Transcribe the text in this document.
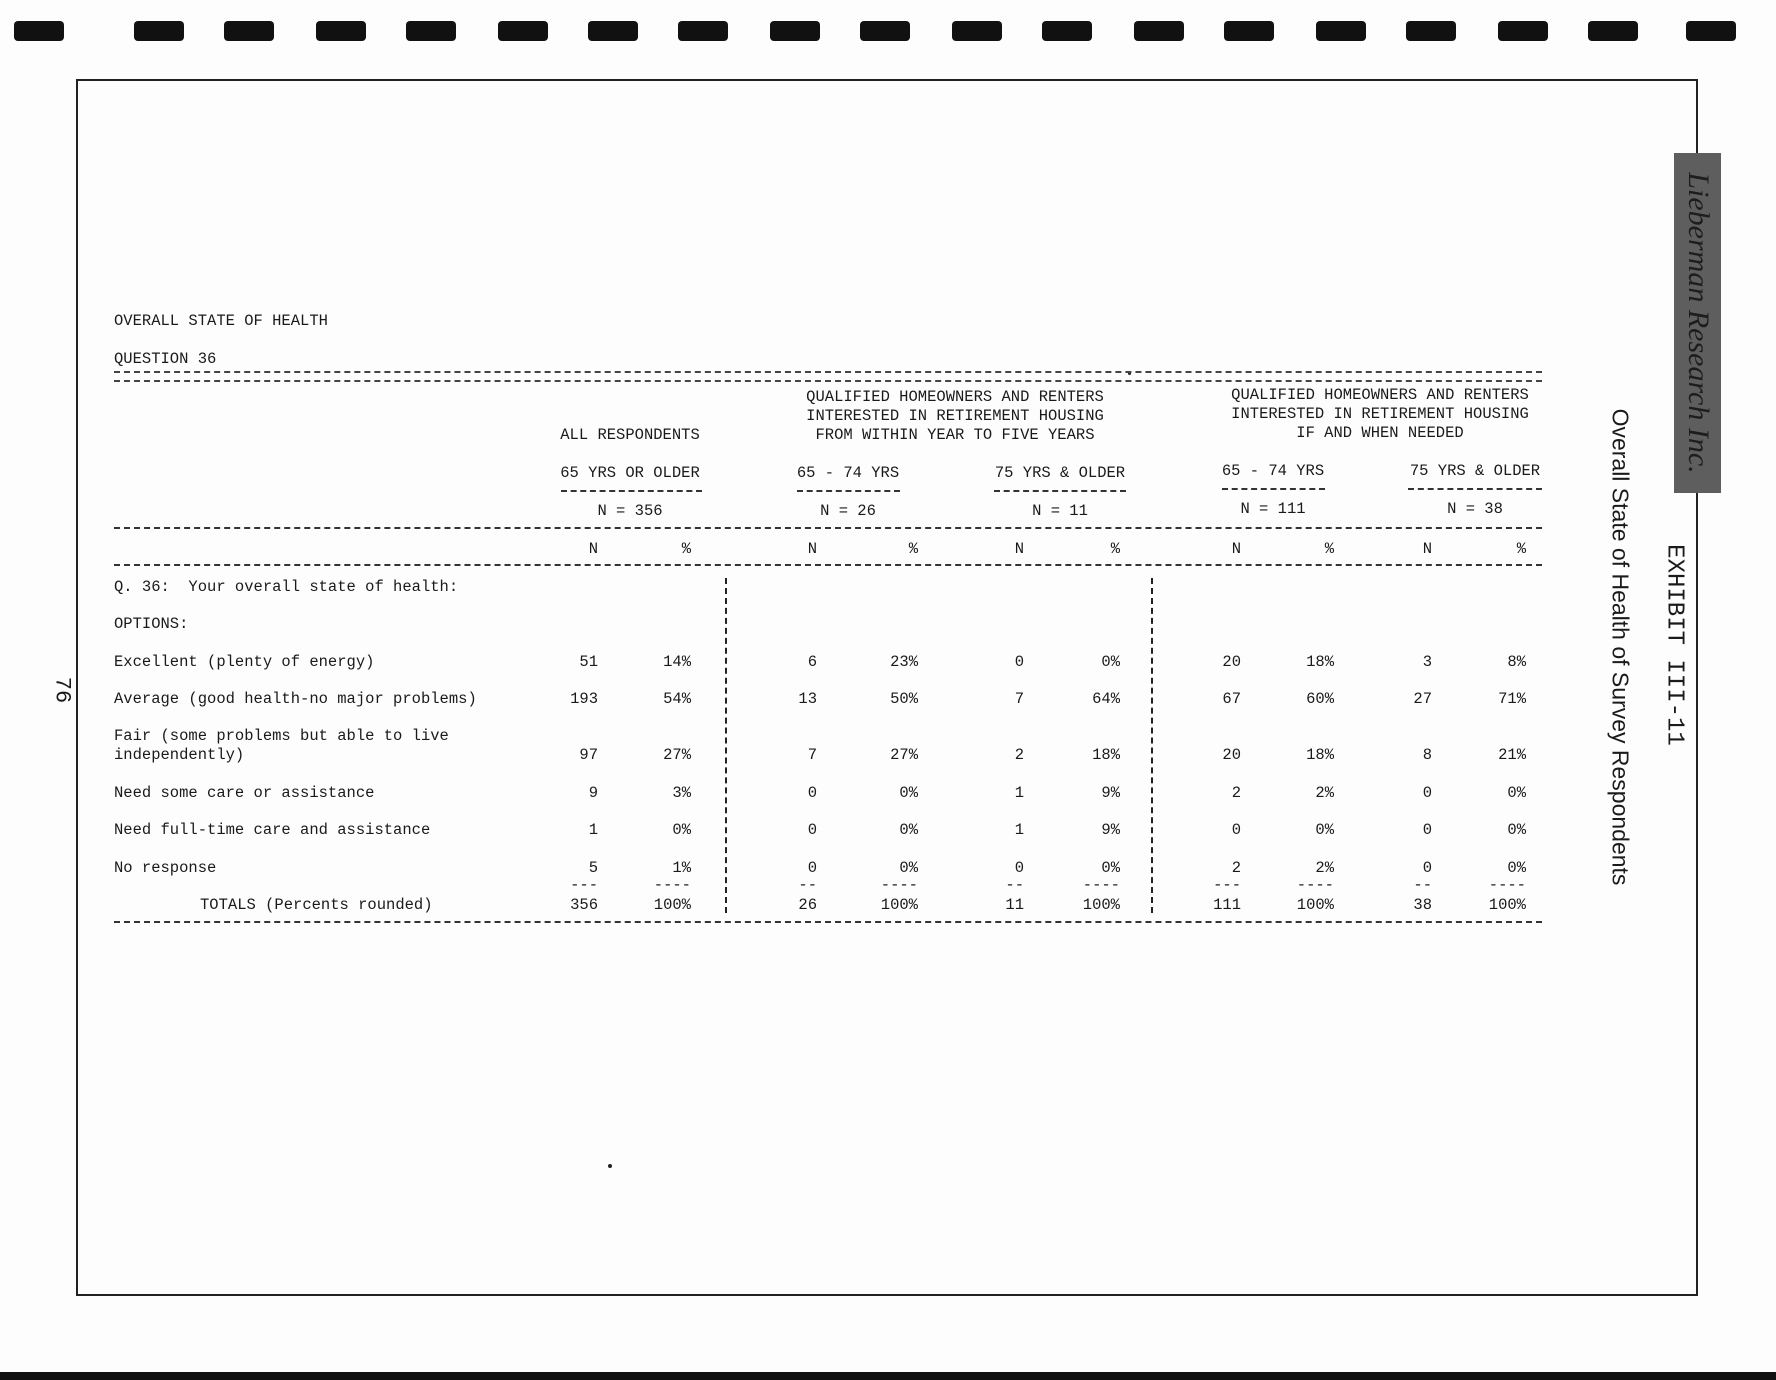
Lieberman Research Inc.
EXHIBIT III-11
Overall State of Health of Survey Respondents
76
OVERALL STATE OF HEALTH
QUESTION 36
ALL RESPONDENTS
QUALIFIED HOMEOWNERS AND RENTERS
INTERESTED IN RETIREMENT HOUSING
FROM WITHIN YEAR TO FIVE YEARS
QUALIFIED HOMEOWNERS AND RENTERS
INTERESTED IN RETIREMENT HOUSING
IF AND WHEN NEEDED
65 YRS OR OLDER	65 - 74 YRS	75 YRS & OLDER	65 - 74 YRS	75 YRS & OLDER
N = 356	N = 26	N = 11	N = 111	N = 38
N	%	N	%	N	%	N	%	N	%
Q. 36:  Your overall state of health:
OPTIONS:
Excellent (plenty of energy)	51	14%	6	23%	0	0%	20	18%	3	8%
Average (good health-no major problems)	193	54%	13	50%	7	64%	67	60%	27	71%
Fair (some problems but able to live
independently)	97	27%	7	27%	2	18%	20	18%	8	21%
Need some care or assistance	9	3%	0	0%	1	9%	2	2%	0	0%
Need full-time care and assistance	1	0%	0	0%	1	9%	0	0%	0	0%
No response	5	1%	0	0%	0	0%	2	2%	0	0%
---	----	--	----	--	----	---	----	--	----
TOTALS (Percents rounded)	356	100%	26	100%	11	100%	111	100%	38	100%
